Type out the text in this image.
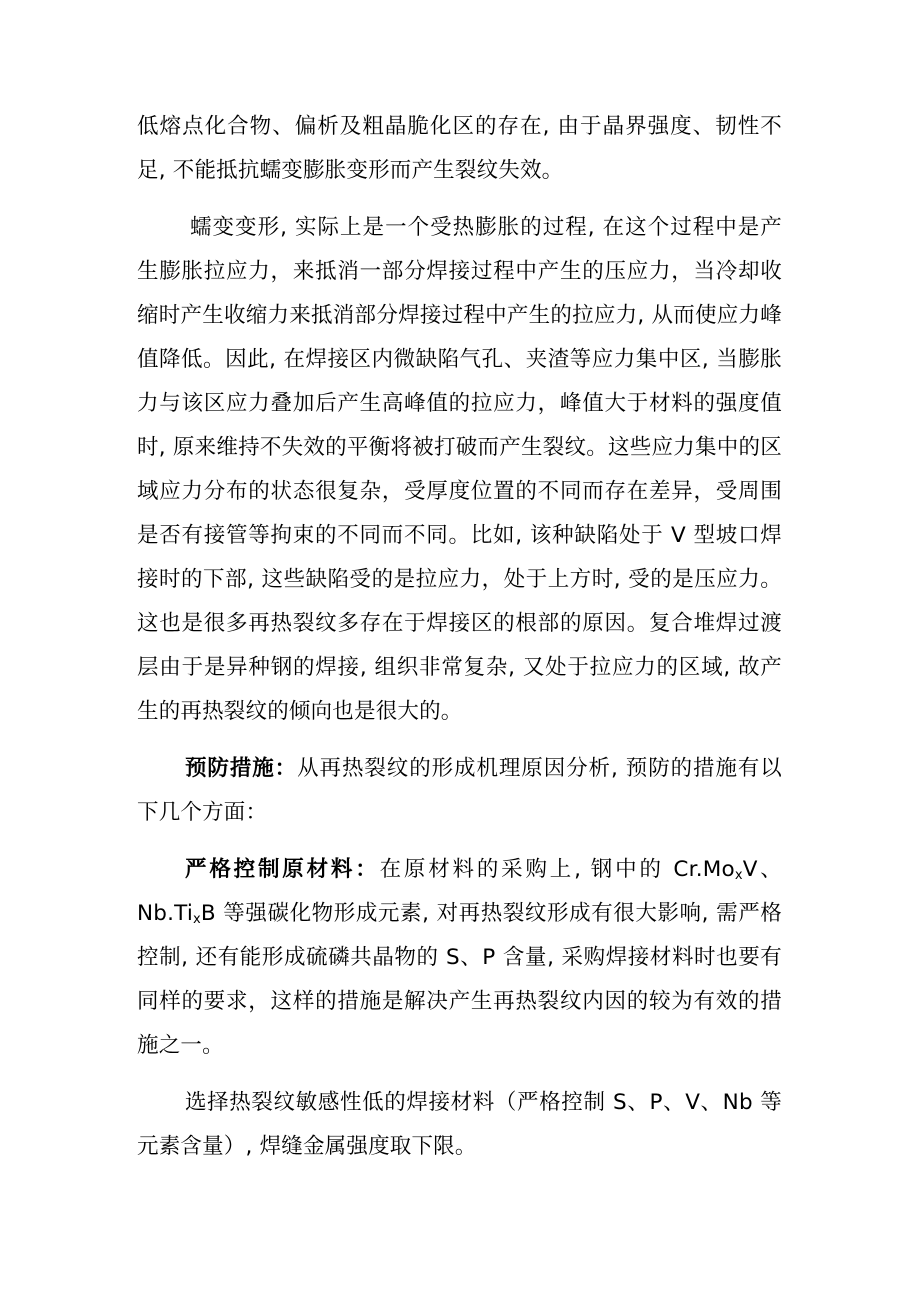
低熔点化合物、偏析及粗晶脆化区的存在, 由于晶界强度、韧性不足, 不能抵抗蠕变膨胀变形而产生裂纹失效。

蠕变变形, 实际上是一个受热膨胀的过程, 在这个过程中是产生膨胀拉应力，来抵消一部分焊接过程中产生的压应力，当冷却收缩时产生收缩力来抵消部分焊接过程中产生的拉应力, 从而使应力峰值降低。因此, 在焊接区内微缺陷气孔、夹渣等应力集中区, 当膨胀力与该区应力叠加后产生高峰值的拉应力，峰值大于材料的强度值时, 原来维持不失效的平衡将被打破而产生裂纹。这些应力集中的区域应力分布的状态很复杂，受厚度位置的不同而存在差异，受周围是否有接管等拘束的不同而不同。比如, 该种缺陷处于 V 型坡口焊接时的下部, 这些缺陷受的是拉应力，处于上方时, 受的是压应力。这也是很多再热裂纹多存在于焊接区的根部的原因。复合堆焊过渡层由于是异种钢的焊接, 组织非常复杂, 又处于拉应力的区域, 故产生的再热裂纹的倾向也是很大的。

预防措施：从再热裂纹的形成机理原因分析, 预防的措施有以下几个方面：

严格控制原材料：在原材料的采购上, 钢中的 $Cr.Mo_xV$、$Nb.Ti_xB$ 等强碳化物形成元素, 对再热裂纹形成有很大影响, 需严格控制, 还有能形成硫磷共晶物的 S、P 含量, 采购焊接材料时也要有同样的要求，这样的措施是解决产生再热裂纹内因的较为有效的措施之一。

选择热裂纹敏感性低的焊接材料（严格控制 S、P、V、Nb 等元素含量）, 焊缝金属强度取下限。
